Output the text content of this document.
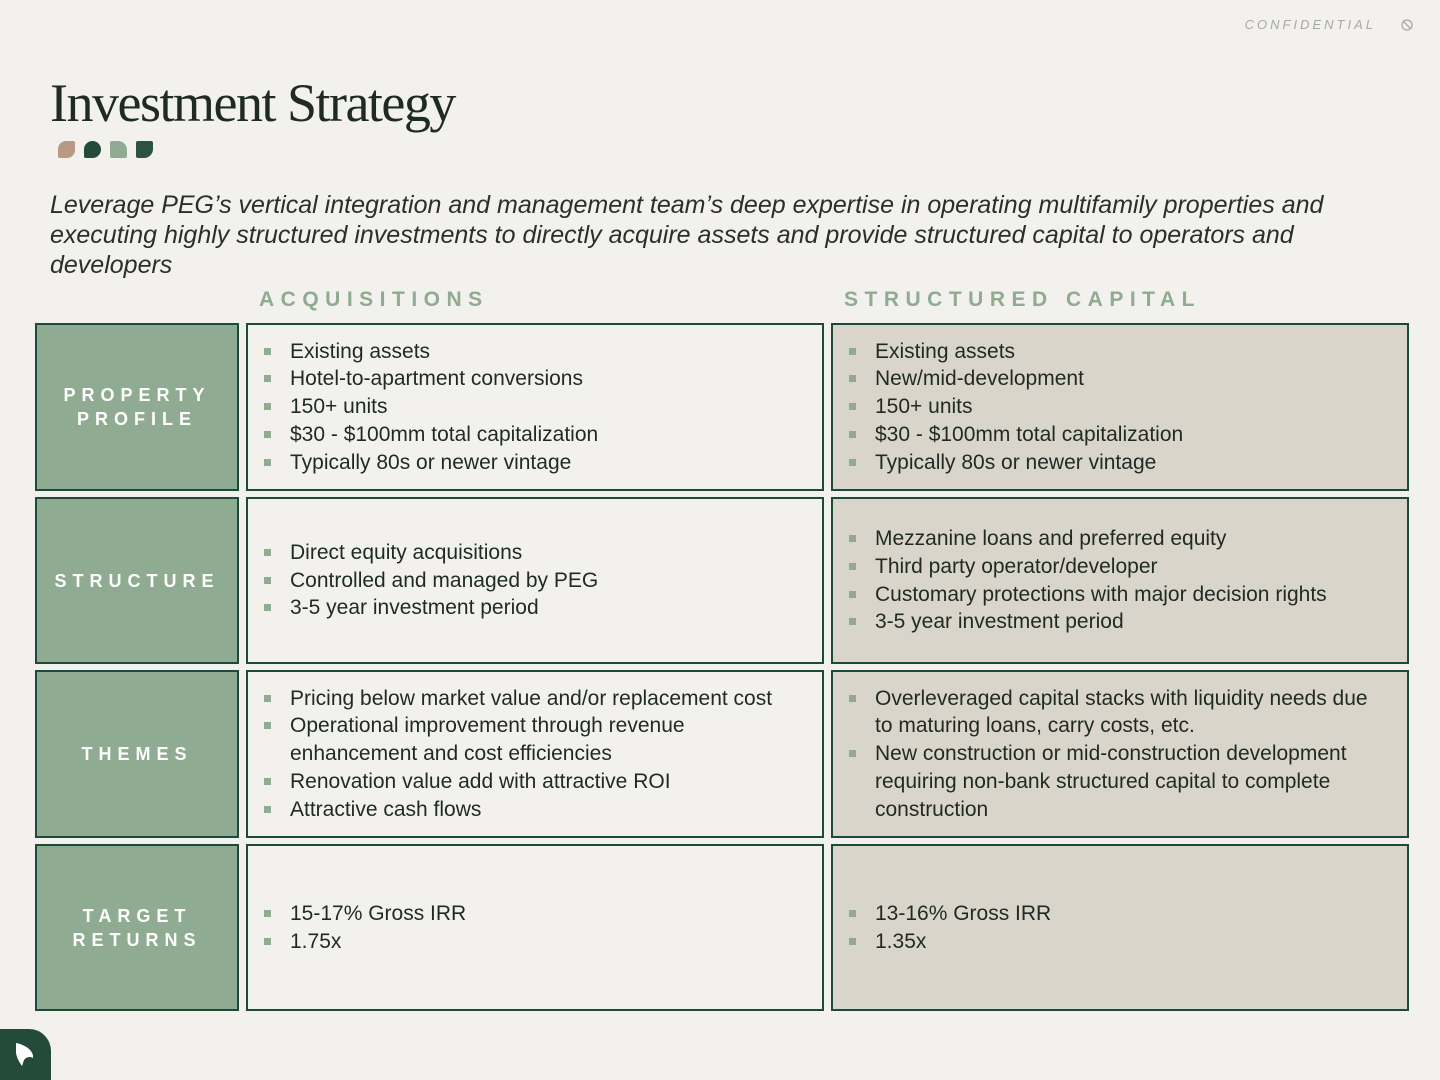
CONFIDENTIAL
Investment Strategy

Leverage PEG’s vertical integration and management team’s deep expertise in operating multifamily properties and executing highly structured investments to directly acquire assets and provide structured capital to operators and developers

ACQUISITIONS	STRUCTURED CAPITAL
PROPERTY
PROFILE
Existing assets
Hotel-to-apartment conversions
150+ units
$30 - $100mm total capitalization
Typically 80s or newer vintage
Existing assets
New/mid-development
150+ units
$30 - $100mm total capitalization
Typically 80s or newer vintage
STRUCTURE
Direct equity acquisitions
Controlled and managed by PEG
3-5 year investment period
Mezzanine loans and preferred equity
Third party operator/developer
Customary protections with major decision rights
3-5 year investment period
THEMES
Pricing below market value and/or replacement cost
Operational improvement through revenue enhancement and cost efficiencies
Renovation value add with attractive ROI
Attractive cash flows
Overleveraged capital stacks with liquidity needs due to maturing loans, carry costs, etc.
New construction or mid-construction development requiring non-bank structured capital to complete construction
TARGET
RETURNS
15-17% Gross IRR
1.75x
13-16% Gross IRR
1.35x
